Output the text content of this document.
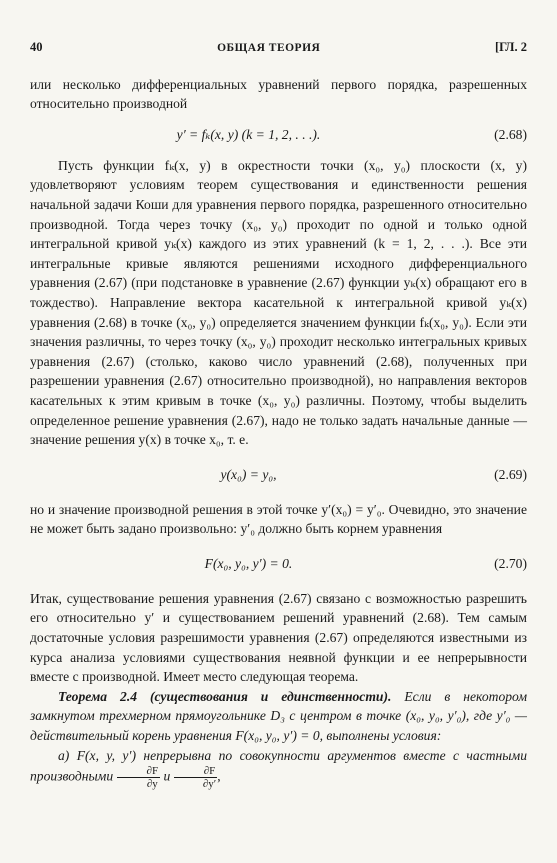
40	ОБЩАЯ ТЕОРИЯ	[ГЛ. 2

или несколько дифференциальных уравнений первого порядка, разрешенных относительно производной

y′ = fₖ(x, y) (k = 1, 2, . . .).	(2.68)

Пусть функции fₖ(x, y) в окрестности точки (x₀, y₀) плоскости (x, y) удовлетворяют условиям теорем существования и единственности решения начальной задачи Коши для уравнения первого порядка, разрешенного относительно производной. Тогда через точку (x₀, y₀) проходит по одной и только одной интегральной кривой yₖ(x) каждого из этих уравнений (k = 1, 2, . . .). Все эти интегральные кривые являются решениями исходного дифференциального уравнения (2.67) (при подстановке в уравнение (2.67) функции yₖ(x) обращают его в тождество). Направление вектора касательной к интегральной кривой yₖ(x) уравнения (2.68) в точке (x₀, y₀) определяется значением функции fₖ(x₀, y₀). Если эти значения различны, то через точку (x₀, y₀) проходит несколько интегральных кривых уравнения (2.67) (столько, каково число уравнений (2.68), полученных при разрешении уравнения (2.67) относительно производной), но направления векторов касательных к этим кривым в точке (x₀, y₀) различны. Поэтому, чтобы выделить определенное решение уравнения (2.67), надо не только задать начальные данные — значение решения y(x) в точке x₀, т. е.

y(x₀) = y₀,	(2.69)

но и значение производной решения в этой точке y′(x₀) = y′₀. Очевидно, это значение не может быть задано произвольно: y′₀ должно быть корнем уравнения

F(x₀, y₀, y′) = 0.	(2.70)

Итак, существование решения уравнения (2.67) связано с возможностью разрешить его относительно y′ и существованием решений уравнений (2.68). Тем самым достаточные условия разрешимости уравнения (2.67) определяются известными из курса анализа условиями существования неявной функции и ее непрерывности вместе с производной. Имеет место следующая теорема.

Теорема 2.4 (существования и единственности). Если в некотором замкнутом трехмерном прямоугольнике D₃ с центром в точке (x₀, y₀, y′₀), где y′₀ — действительный корень уравнения F(x₀, y₀, y′) = 0, выполнены условия:

а) F(x, y, y′) непрерывна по совокупности аргументов вместе с частными производными $\frac{\partial F}{\partial y}$ и $\frac{\partial F}{\partial y'}$ ,
